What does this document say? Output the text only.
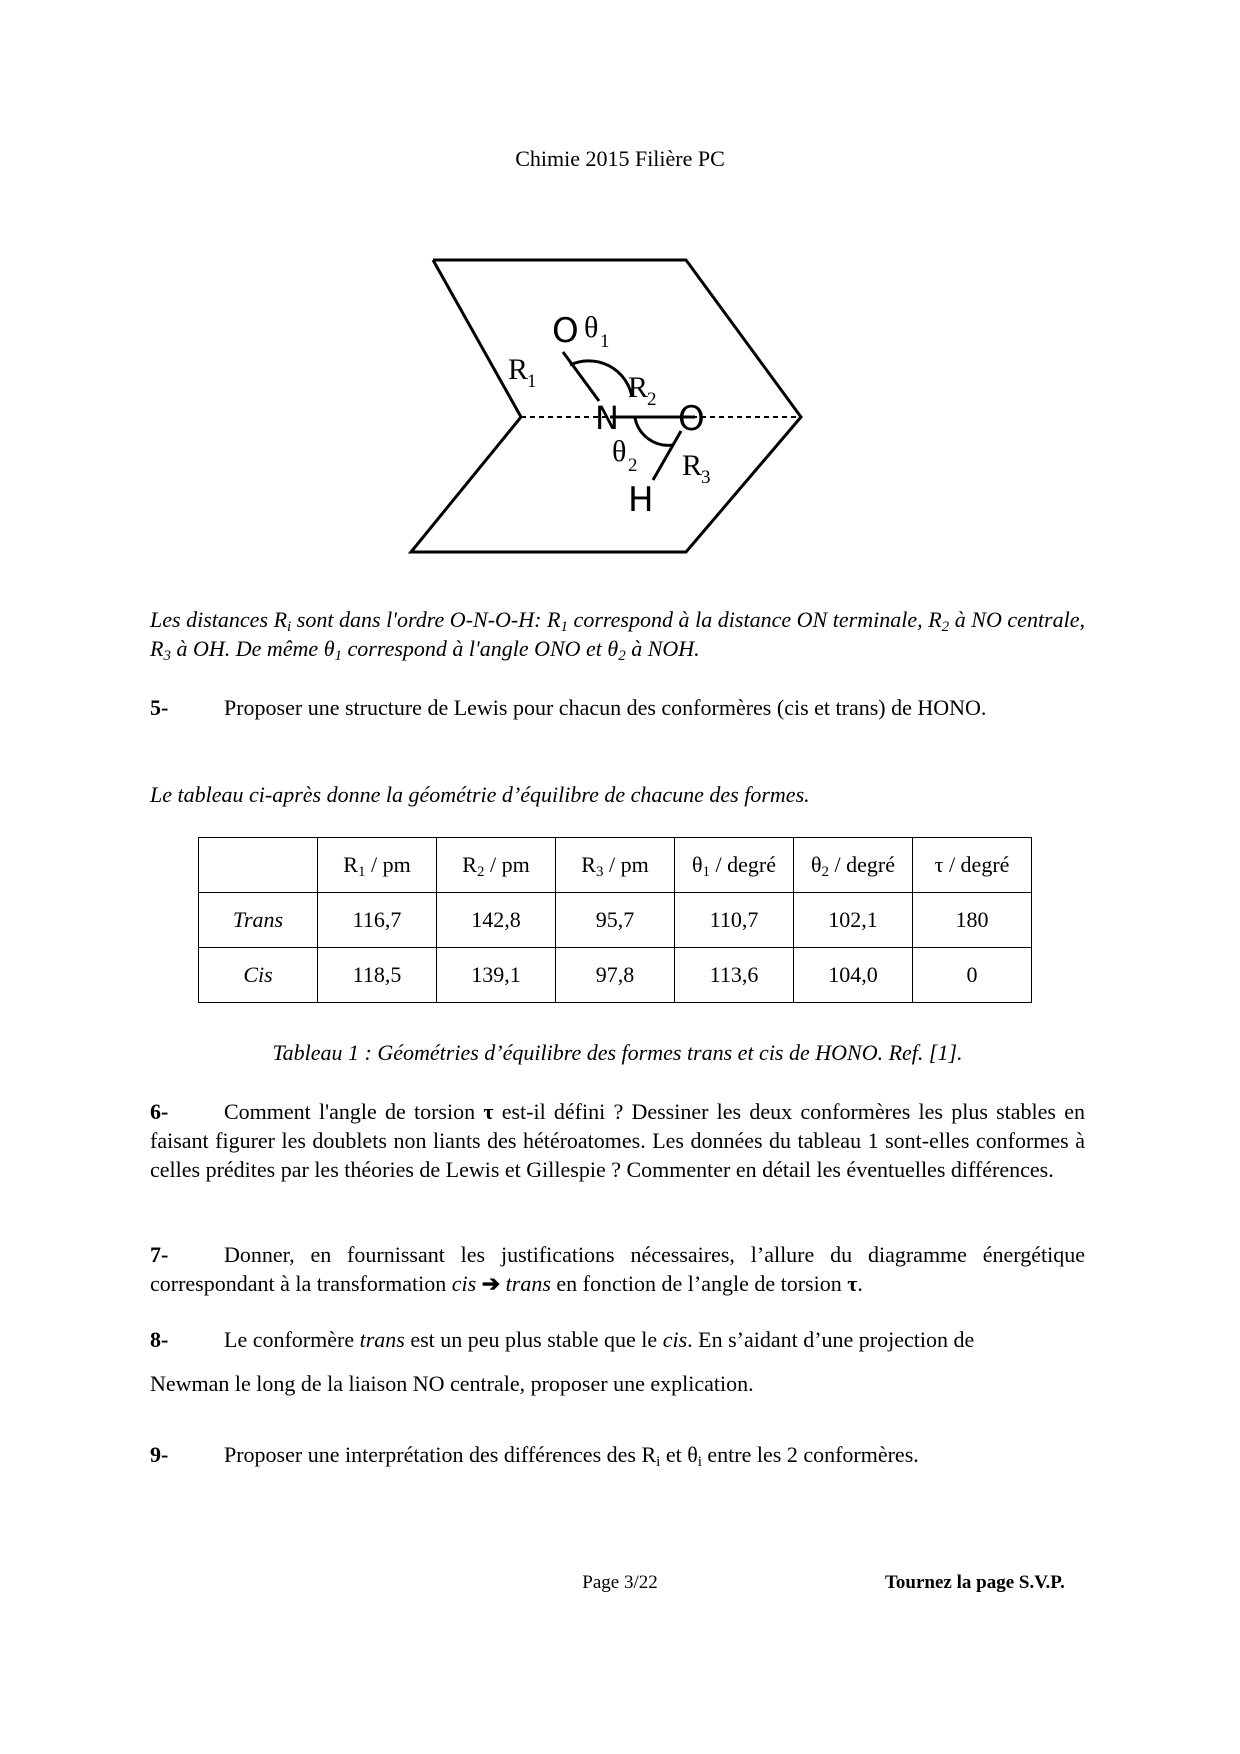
Chimie 2015 Filière PC
O
N O
H
R
1
θ 1
R
2
θ 2 R
3
Les distances $R_i$ sont dans l'ordre O-N-O-H: $R_1$ correspond à la distance ON terminale, $R_2$ à NO centrale, $R_3$ à OH. De même $\theta_1$ correspond à l'angle ONO et $\theta_2$ à NOH.
5-	Proposer une structure de Lewis pour chacun des conformères (cis et trans) de HONO.
Le tableau ci-après donne la géométrie d’équilibre de chacune des formes.
	$R_1$ / pm	$R_2$ / pm	$R_3$ / pm	$\theta_1$ / degré	$\theta_2$ / degré	τ / degré
Trans	116,7	142,8	95,7	110,7	102,1	180
Cis	118,5	139,1	97,8	113,6	104,0	0
Tableau 1 : Géométries d’équilibre des formes trans et cis de HONO. Ref. [1].
6-	Comment l'angle de torsion τ est-il défini ? Dessiner les deux conformères les plus stables en faisant figurer les doublets non liants des hétéroatomes. Les données du tableau 1 sont-elles conformes à celles prédites par les théories de Lewis et Gillespie ? Commenter en détail les éventuelles différences.
7-	Donner, en fournissant les justifications nécessaires, l’allure du diagramme énergétique correspondant à la transformation cis ➔ trans en fonction de l’angle de torsion τ.
8-	Le conformère trans est un peu plus stable que le cis. En s’aidant d’une projection de
Newman le long de la liaison NO centrale, proposer une explication.
9-	Proposer une interprétation des différences des $R_i$ et $\theta_i$ entre les 2 conformères.
Page 3/22	Tournez la page S.V.P.
